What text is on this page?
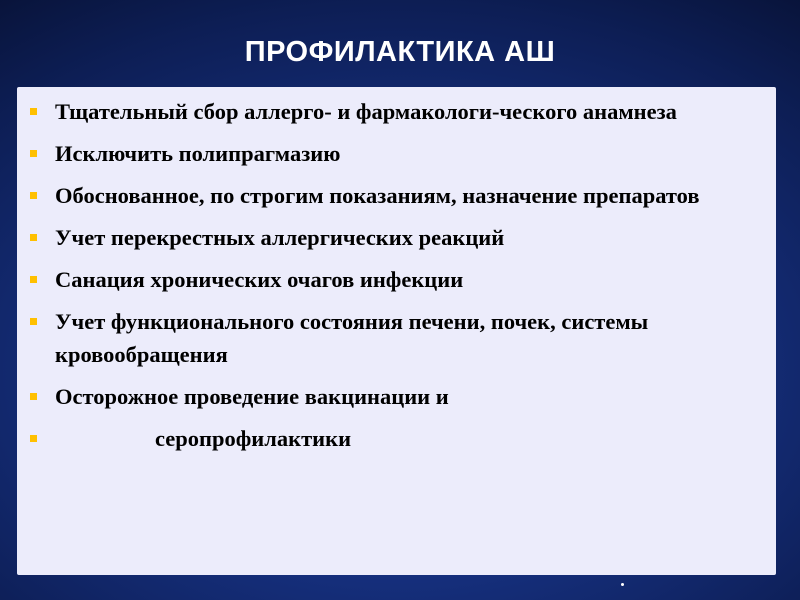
ПРОФИЛАКТИКА АШ
Тщательный сбор аллерго- и фармакологи-ческого анамнеза
Исключить полипрагмазию
Обоснованное, по строгим показаниям, назначение препаратов
Учет перекрестных аллергических реакций
Санация хронических очагов инфекции
Учет функционального состояния печени, почек, системы кровообращения
Осторожное проведение вакцинации и
серопрофилактики
